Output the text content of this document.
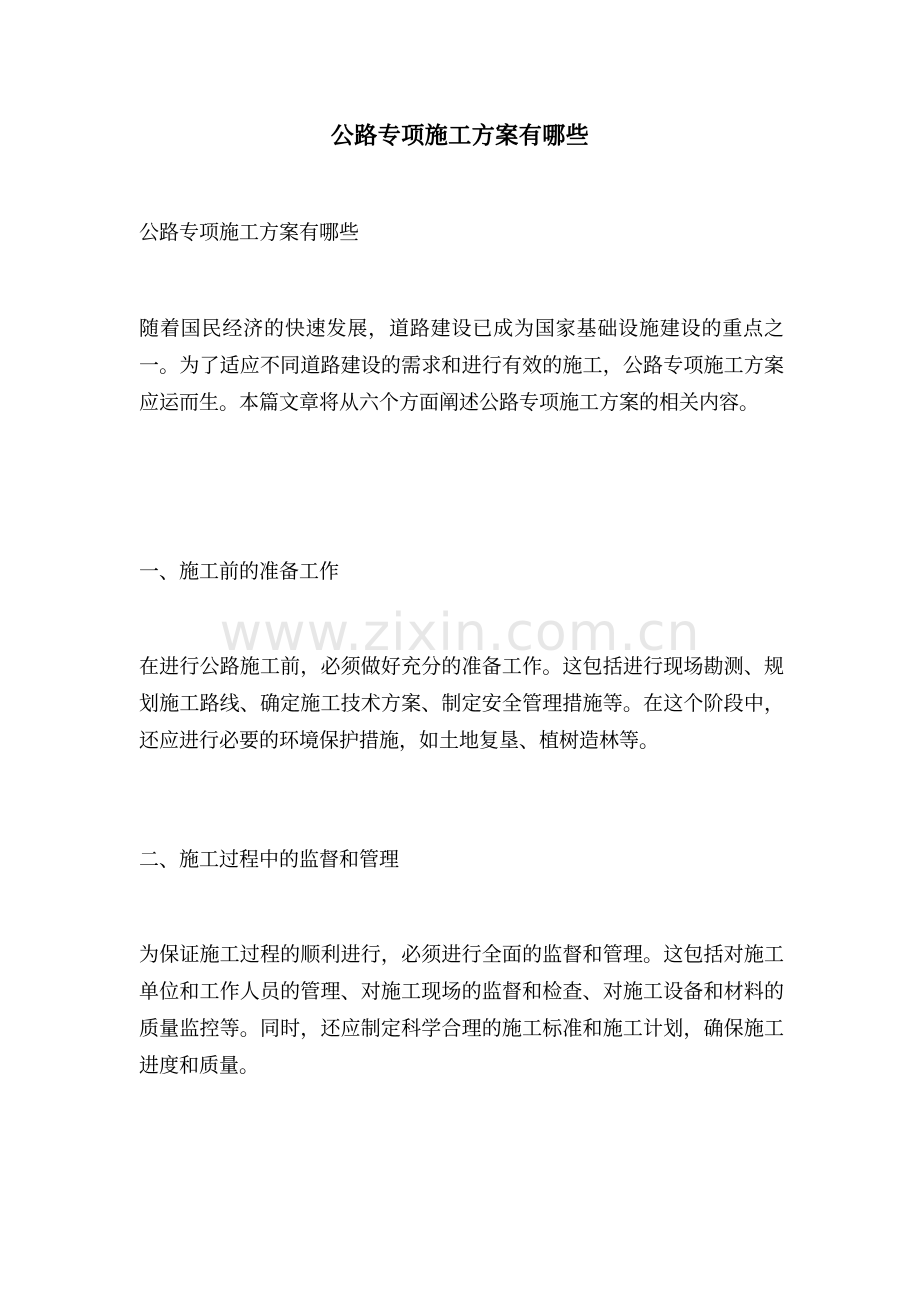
公路专项施工方案有哪些

公路专项施工方案有哪些

随着国民经济的快速发展，道路建设已成为国家基础设施建设的重点之一。为了适应不同道路建设的需求和进行有效的施工，公路专项施工方案应运而生。本篇文章将从六个方面阐述公路专项施工方案的相关内容。

一、施工前的准备工作

在进行公路施工前，必须做好充分的准备工作。这包括进行现场勘测、规划施工路线、确定施工技术方案、制定安全管理措施等。在这个阶段中，还应进行必要的环境保护措施，如土地复垦、植树造林等。

二、施工过程中的监督和管理

为保证施工过程的顺利进行，必须进行全面的监督和管理。这包括对施工单位和工作人员的管理、对施工现场的监督和检查、对施工设备和材料的质量监控等。同时，还应制定科学合理的施工标准和施工计划，确保施工进度和质量。

www.zixin.com.cn
